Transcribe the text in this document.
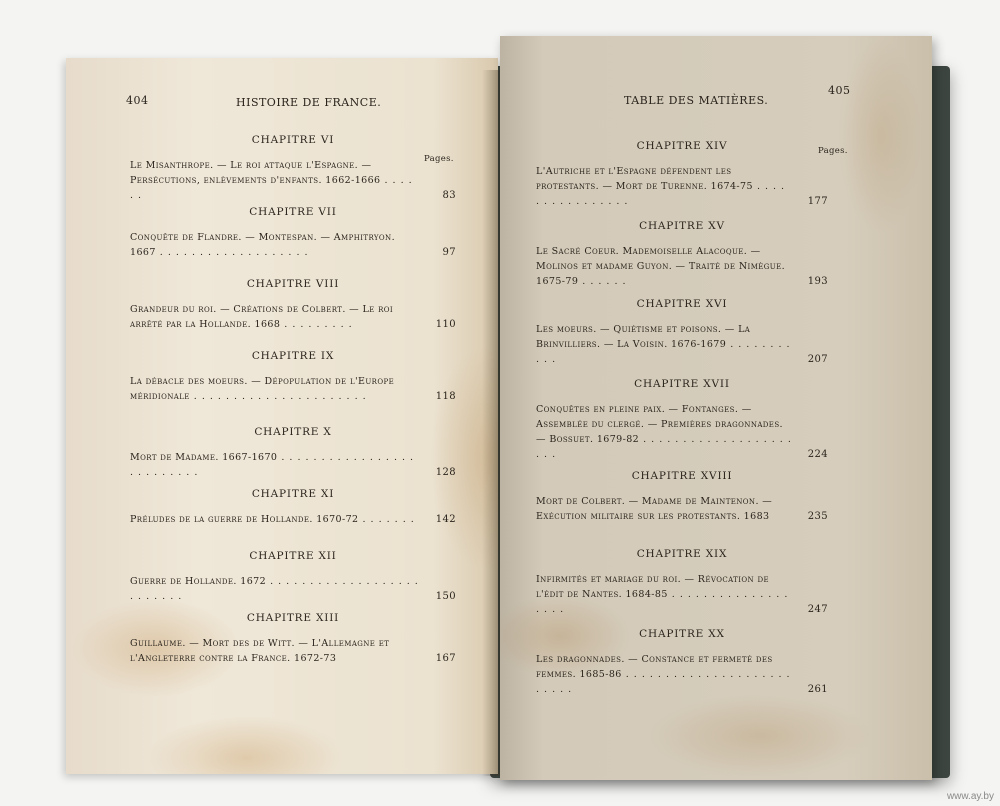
404	HISTOIRE DE FRANCE.
Pages.
CHAPITRE VI
Le Misanthrope. — Le roi attaque l'Espagne. — Persécutions, enlèvements d'enfants. 1662-1666 . . . . . .	83
CHAPITRE VII
Conquête de Flandre. — Montespan. — Amphitryon. 1667 . . . . . . . . . . . . . . . . . . .	97
CHAPITRE VIII
Grandeur du roi. — Créations de Colbert. — Le roi arrêté par la Hollande. 1668 . . . . . . . . .	110
CHAPITRE IX
La débacle des moeurs. — Dépopulation de l'Europe méridionale . . . . . . . . . . . . . . . . . . . . . .	118
CHAPITRE X
Mort de Madame. 1667-1670 . . . . . . . . . . . . . . . . . . . . . . . . . .	128
CHAPITRE XI
Préludes de la guerre de Hollande. 1670-72 . . . . . . . 142
CHAPITRE XII
Guerre de Hollande. 1672 . . . . . . . . . . . . . . . . . . . . . . . . . .	150
CHAPITRE XIII
Guillaume. — Mort des de Witt. — L'Allemagne et l'Angleterre contre la France. 1672-73	167
TABLE DES MATIÈRES.
405
Pages.
CHAPITRE XIV
L'Autriche et l'Espagne défendent les protestants. — Mort de Turenne. 1674-75 . . . . . . . . . . . . . . . .	177
CHAPITRE XV
Le Sacré Coeur. Mademoiselle Alacoque. — Molinos et madame Guyon. — Traité de Nimègue. 1675-79 . . . . . .	193
CHAPITRE XVI
Les moeurs. — Quiétisme et poisons. — La Brinvilliers. — La Voisin. 1676-1679 . . . . . . . . . . .	207
CHAPITRE XVII
Conquêtes en pleine paix. — Fontanges. — Assemblée du clergé. — Premières dragonnades. — Bossuet. 1679-82 . . . . . . . . . . . . . . . . . . . . . .	224
CHAPITRE XVIII
Mort de Colbert. — Madame de Maintenon. — Exécution militaire sur les protestants. 1683	235
CHAPITRE XIX
Infirmités et mariage du roi. — Révocation de l'édit de Nantes. 1684-85 . . . . . . . . . . . . . . . . . . .	247
CHAPITRE XX
Les dragonnades. — Constance et fermeté des femmes. 1685-86 . . . . . . . . . . . . . . . . . . . . . . . . . .	261
www.ay.by
